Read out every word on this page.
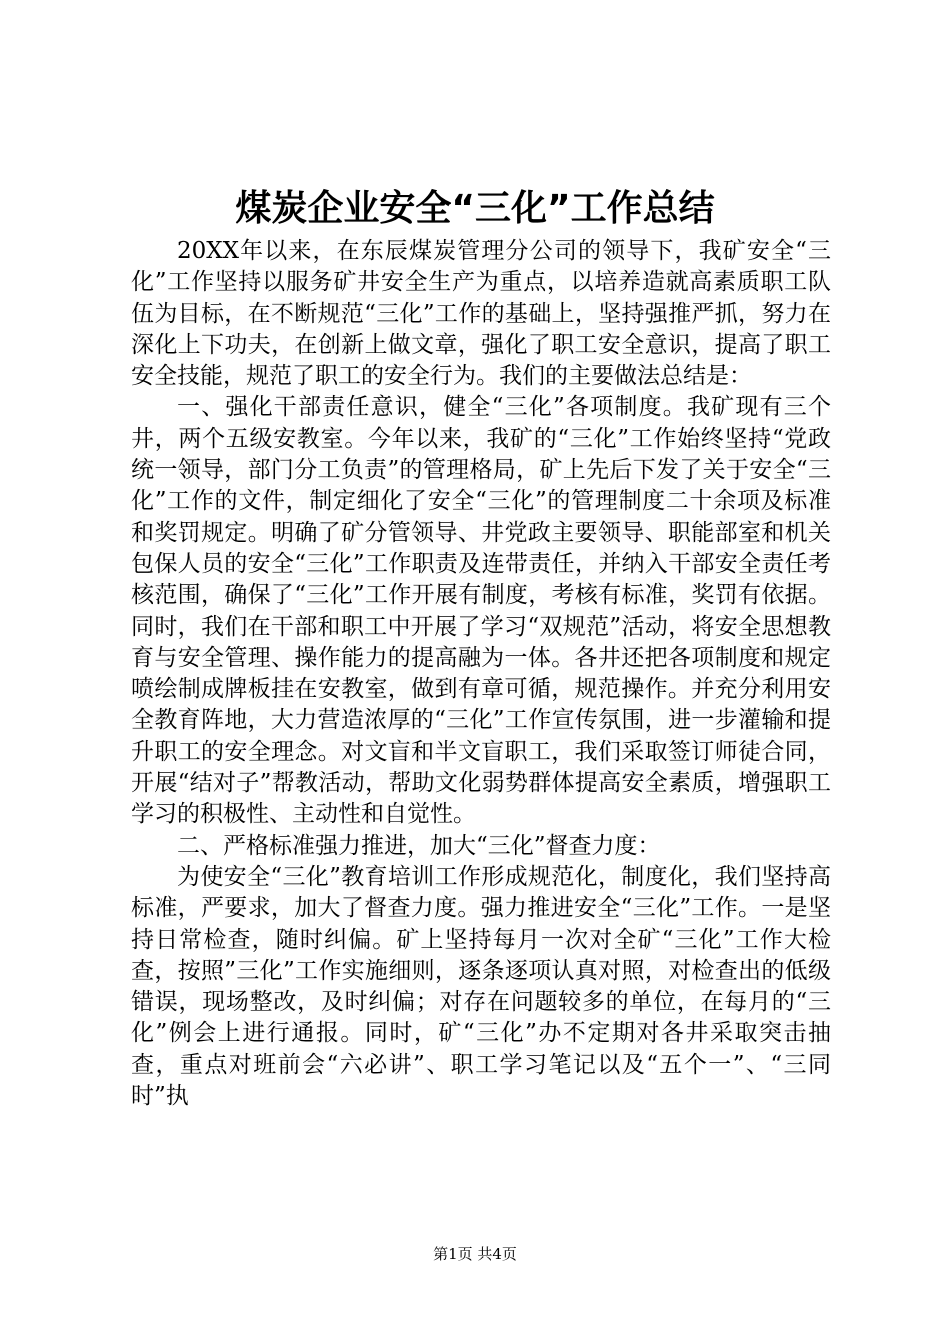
煤炭企业安全“三化”工作总结

20XX年以来，在东辰煤炭管理分公司的领导下，我矿安全“三化”工作坚持以服务矿井安全生产为重点，以培养造就高素质职工队伍为目标，在不断规范“三化”工作的基础上，坚持强推严抓，努力在深化上下功夫，在创新上做文章，强化了职工安全意识，提高了职工安全技能，规范了职工的安全行为。我们的主要做法总结是：

一、强化干部责任意识，健全“三化”各项制度。我矿现有三个井，两个五级安教室。今年以来，我矿的“三化”工作始终坚持“党政统一领导，部门分工负责”的管理格局，矿上先后下发了关于安全“三化”工作的文件，制定细化了安全“三化”的管理制度二十余项及标准和奖罚规定。明确了矿分管领导、井党政主要领导、职能部室和机关包保人员的安全“三化”工作职责及连带责任，并纳入干部安全责任考核范围，确保了“三化”工作开展有制度，考核有标准，奖罚有依据。同时，我们在干部和职工中开展了学习“双规范”活动，将安全思想教育与安全管理、操作能力的提高融为一体。各井还把各项制度和规定喷绘制成牌板挂在安教室，做到有章可循，规范操作。并充分利用安全教育阵地，大力营造浓厚的“三化”工作宣传氛围，进一步灌输和提升职工的安全理念。对文盲和半文盲职工，我们采取签订师徒合同，开展“结对子”帮教活动，帮助文化弱势群体提高安全素质，增强职工学习的积极性、主动性和自觉性。

二、严格标准强力推进，加大“三化”督查力度：

为使安全“三化”教育培训工作形成规范化，制度化，我们坚持高标准，严要求，加大了督查力度。强力推进安全“三化”工作。一是坚持日常检查，随时纠偏。矿上坚持每月一次对全矿“三化”工作大检查，按照”三化”工作实施细则，逐条逐项认真对照，对检查出的低级错误，现场整改，及时纠偏；对存在问题较多的单位，在每月的“三化”例会上进行通报。同时，矿“三化”办不定期对各井采取突击抽查，重点对班前会“六必讲”、职工学习笔记以及“五个一”、“三同时”执

第1页 共4页
